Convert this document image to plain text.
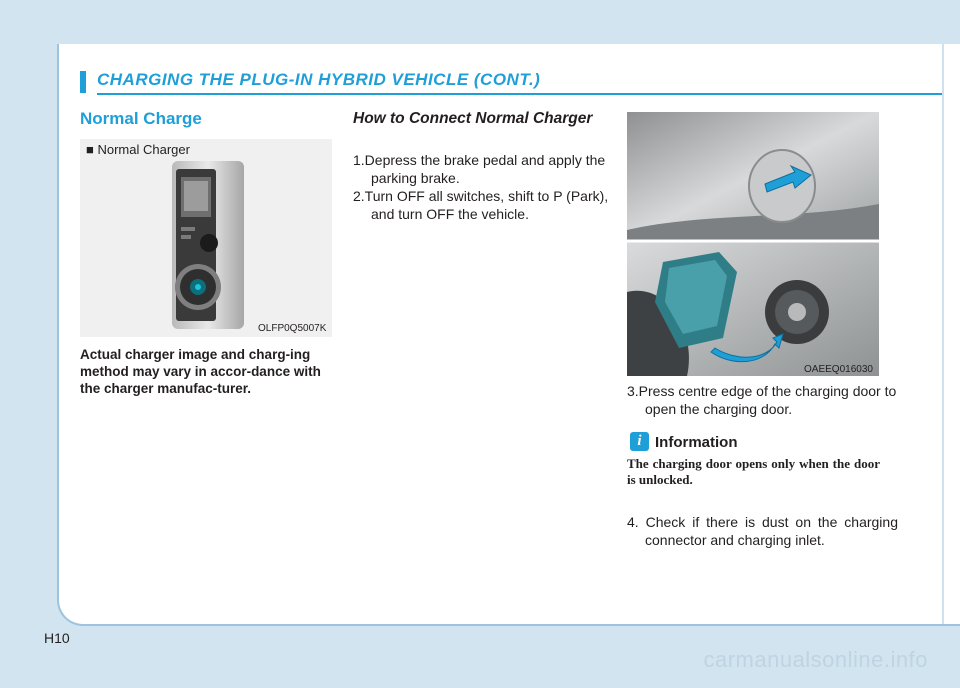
CHARGING THE PLUG-IN HYBRID VEHICLE (CONT.)
Normal Charge
■ Normal Charger
OLFP0Q5007K
Actual charger image and charg-ing method may vary in accor-dance with the charger manufac-turer.
How to Connect Normal Charger
1.Depress the brake pedal and apply the parking brake.
2.Turn OFF all switches, shift to P (Park), and turn OFF the vehicle.
OAEEQ016030
3.Press centre edge of the charging door to open the charging door.
i Information
The charging door opens only when the door is unlocked.
4. Check if there is dust on the charging connector and charging inlet.
H10
carmanualsonline.info
